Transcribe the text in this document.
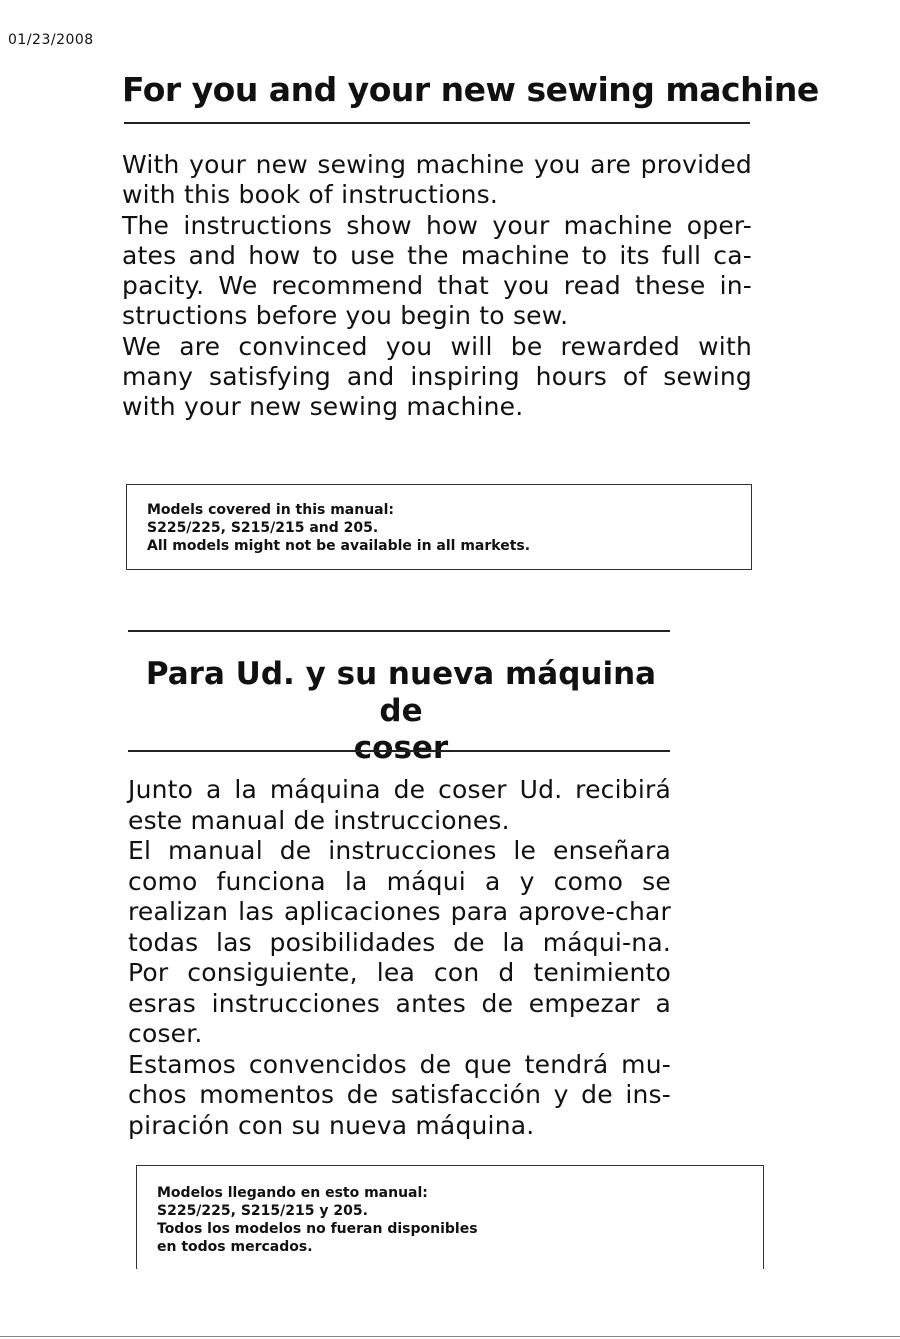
01/23/2008
For you and your new sewing machine

With your new sewing machine you are provided with this book of instructions.

The instructions show how your machine oper-ates and how to use the machine to its full ca-pacity. We recommend that you read these in-structions before you begin to sew.

We are convinced you will be rewarded with many satisfying and inspiring hours of sewing with your new sewing machine.

Models covered in this manual:
S225/225, S215/215 and 205.
All models might not be available in all markets.
Para Ud. y su nueva máquina de
coser

Junto a la máquina de coser Ud. recibirá este manual de instrucciones.

El manual de instrucciones le enseñara como funciona la máqui a y como se realizan las aplicaciones para aprove-char todas las posibilidades de la máqui-na. Por consiguiente, lea con d tenimiento esras instrucciones antes de empezar a coser.

Estamos convencidos de que tendrá mu-chos momentos de satisfacción y de ins-piración con su nueva máquina.

Modelos llegando en esto manual:
S225/225, S215/215 y 205.
Todos los modelos no fueran disponibles
en todos mercados.
